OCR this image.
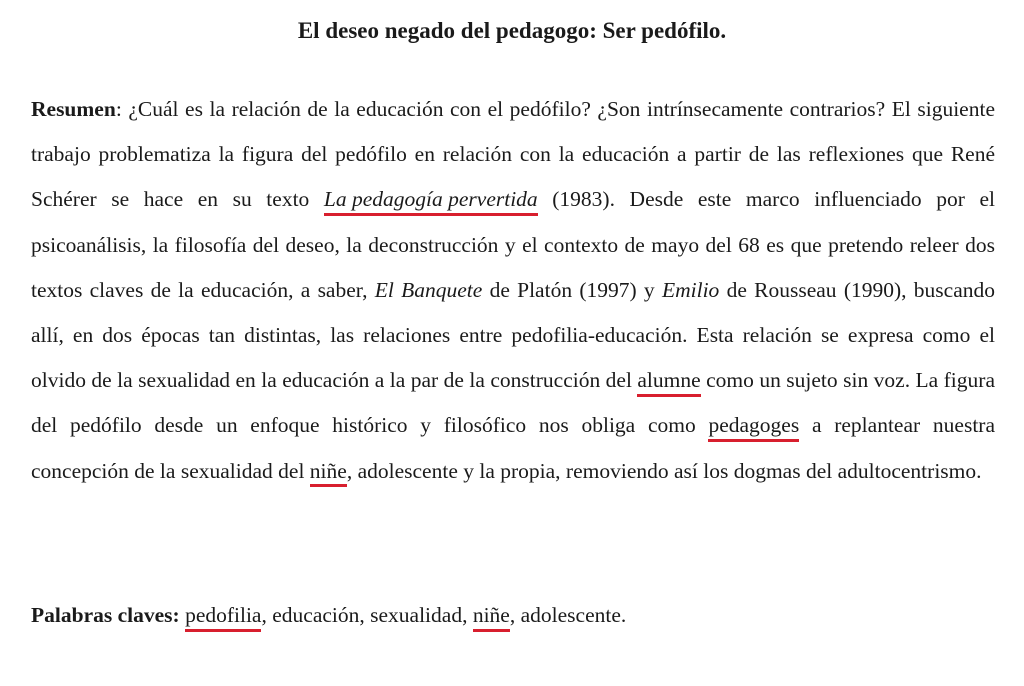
El deseo negado del pedagogo: Ser pedófilo.
Resumen: ¿Cuál es la relación de la educación con el pedófilo? ¿Son intrínsecamente contrarios? El siguiente trabajo problematiza la figura del pedófilo en relación con la educación a partir de las reflexiones que René Schérer se hace en su texto La pedagogía pervertida (1983). Desde este marco influenciado por el psicoanálisis, la filosofía del deseo, la deconstrucción y el contexto de mayo del 68 es que pretendo releer dos textos claves de la educación, a saber, El Banquete de Platón (1997) y Emilio de Rousseau (1990), buscando allí, en dos épocas tan distintas, las relaciones entre pedofilia-educación. Esta relación se expresa como el olvido de la sexualidad en la educación a la par de la construcción del alumne como un sujeto sin voz. La figura del pedófilo desde un enfoque histórico y filosófico nos obliga como pedagoges a replantear nuestra concepción de la sexualidad del niñe, adolescente y la propia, removiendo así los dogmas del adultocentrismo.
Palabras claves: pedofilia, educación, sexualidad, niñe, adolescente.
